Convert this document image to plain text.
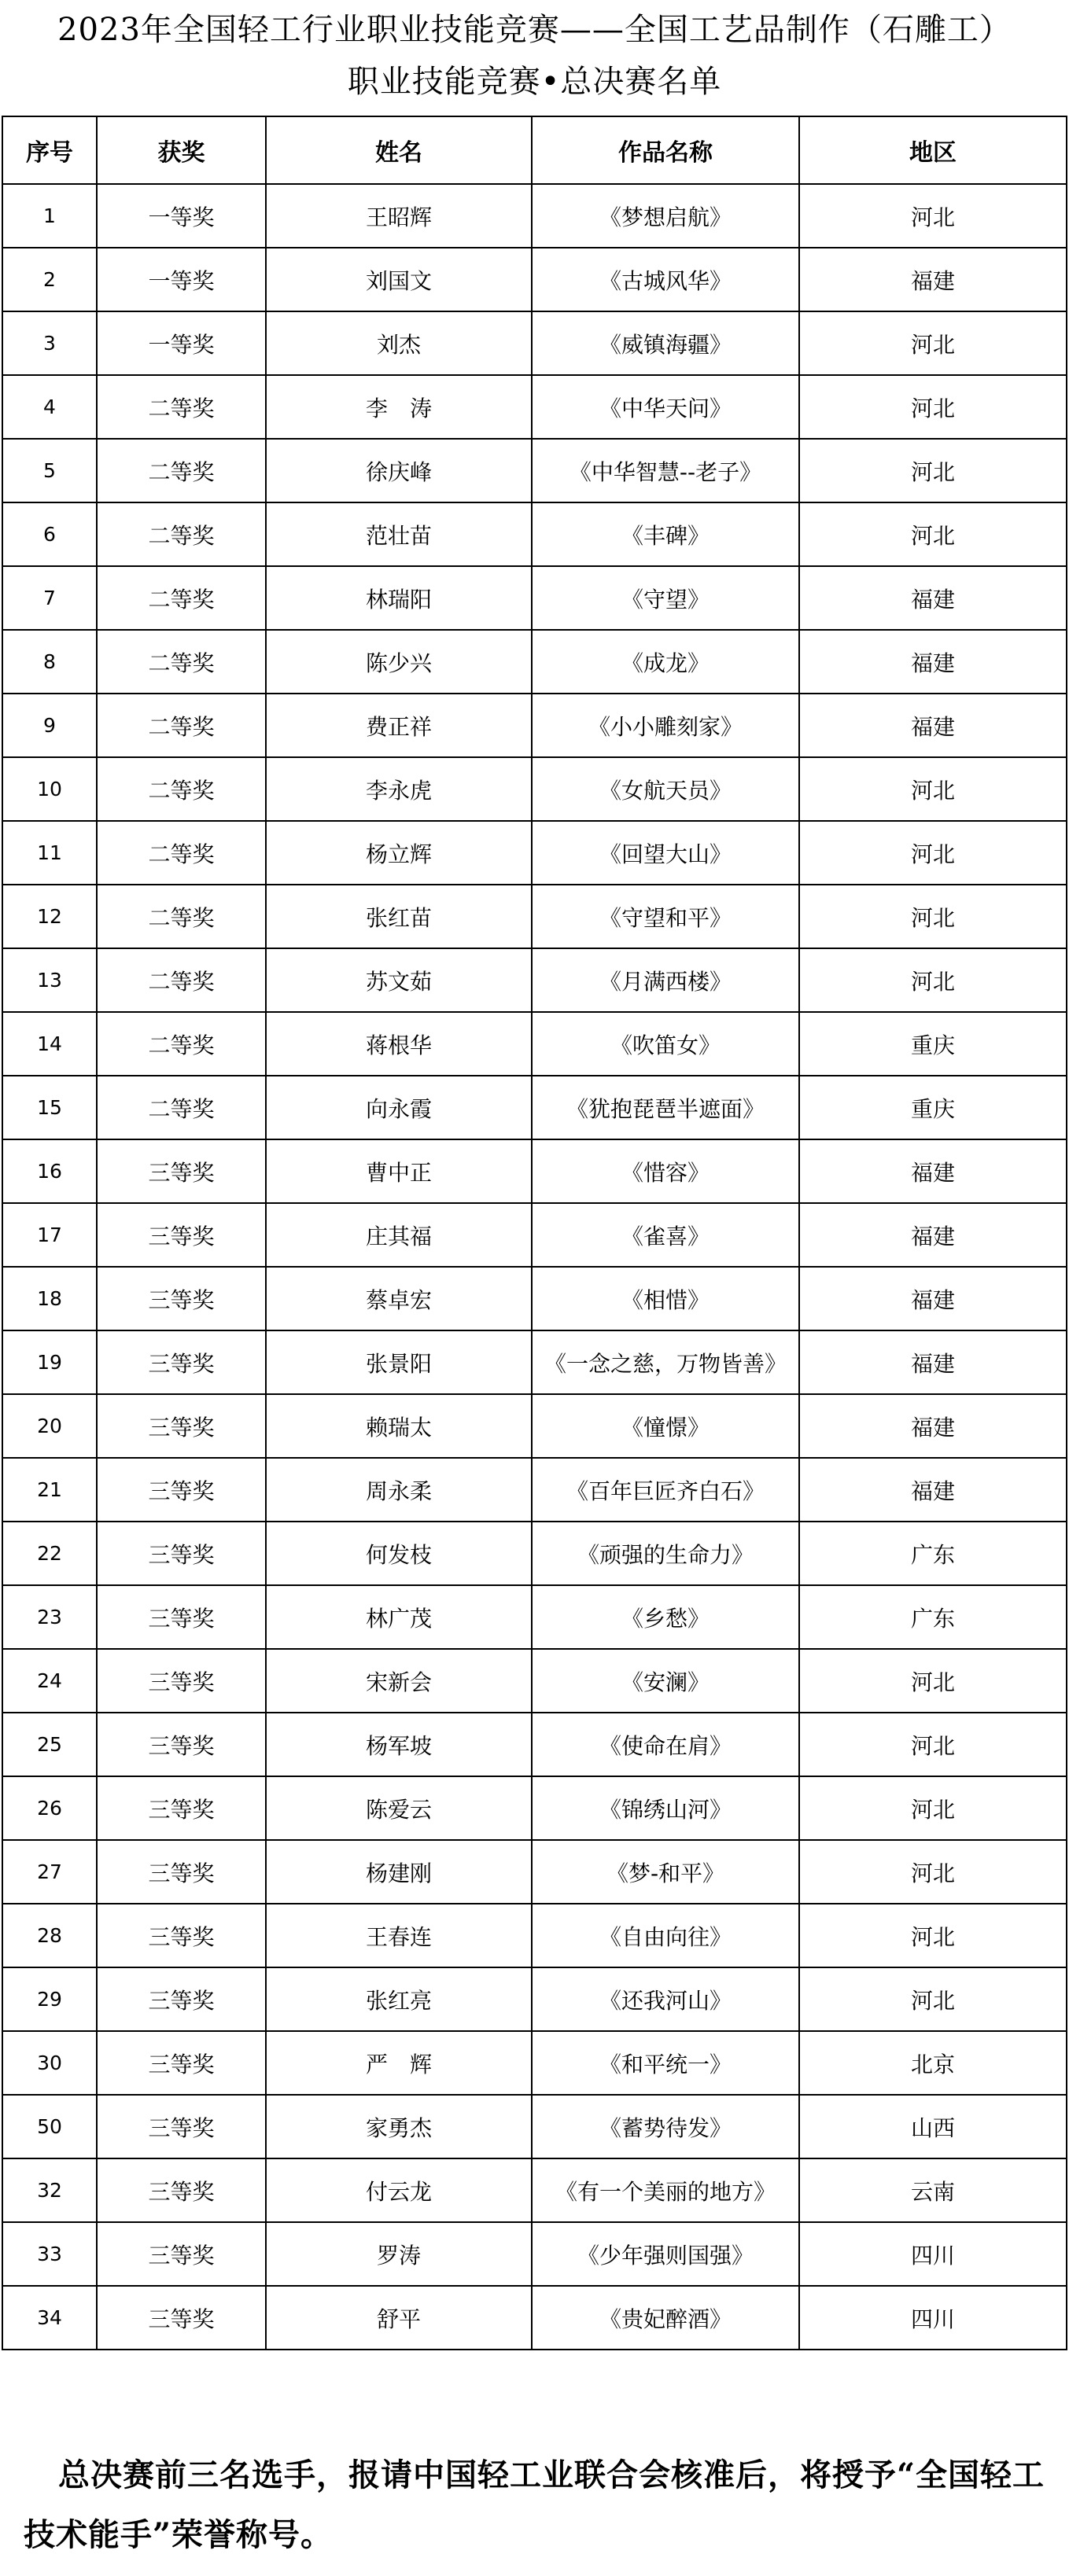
2023年全国轻工行业职业技能竞赛——全国工艺品制作（石雕工）
职业技能竞赛•总决赛名单
序号	获奖	姓名	作品名称	地区
1	一等奖	王昭辉	《梦想启航》	河北
2	一等奖	刘国文	《古城风华》	福建
3	一等奖	刘杰	《威镇海疆》	河北
4	二等奖	李　涛	《中华天问》	河北
5	二等奖	徐庆峰	《中华智慧--老子》	河北
6	二等奖	范壮苗	《丰碑》	河北
7	二等奖	林瑞阳	《守望》	福建
8	二等奖	陈少兴	《成龙》	福建
9	二等奖	费正祥	《小小雕刻家》	福建
10	二等奖	李永虎	《女航天员》	河北
11	二等奖	杨立辉	《回望大山》	河北
12	二等奖	张红苗	《守望和平》	河北
13	二等奖	苏文茹	《月满西楼》	河北
14	二等奖	蒋根华	《吹笛女》	重庆
15	二等奖	向永霞	《犹抱琵琶半遮面》	重庆
16	三等奖	曹中正	《惜容》	福建
17	三等奖	庄其福	《雀喜》	福建
18	三等奖	蔡卓宏	《相惜》	福建
19	三等奖	张景阳	《一念之慈，万物皆善》	福建
20	三等奖	赖瑞太	《憧憬》	福建
21	三等奖	周永柔	《百年巨匠齐白石》	福建
22	三等奖	何发枝	《顽强的生命力》	广东
23	三等奖	林广茂	《乡愁》	广东
24	三等奖	宋新会	《安澜》	河北
25	三等奖	杨军坡	《使命在肩》	河北
26	三等奖	陈爱云	《锦绣山河》	河北
27	三等奖	杨建刚	《梦-和平》	河北
28	三等奖	王春连	《自由向往》	河北
29	三等奖	张红亮	《还我河山》	河北
30	三等奖	严　辉	《和平统一》	北京
50	三等奖	家勇杰	《蓄势待发》	山西
32	三等奖	付云龙	《有一个美丽的地方》	云南
33	三等奖	罗涛	《少年强则国强》	四川
34	三等奖	舒平	《贵妃醉酒》	四川
总决赛前三名选手，报请中国轻工业联合会核准后，将授予“全国轻工技术能手”荣誉称号。
